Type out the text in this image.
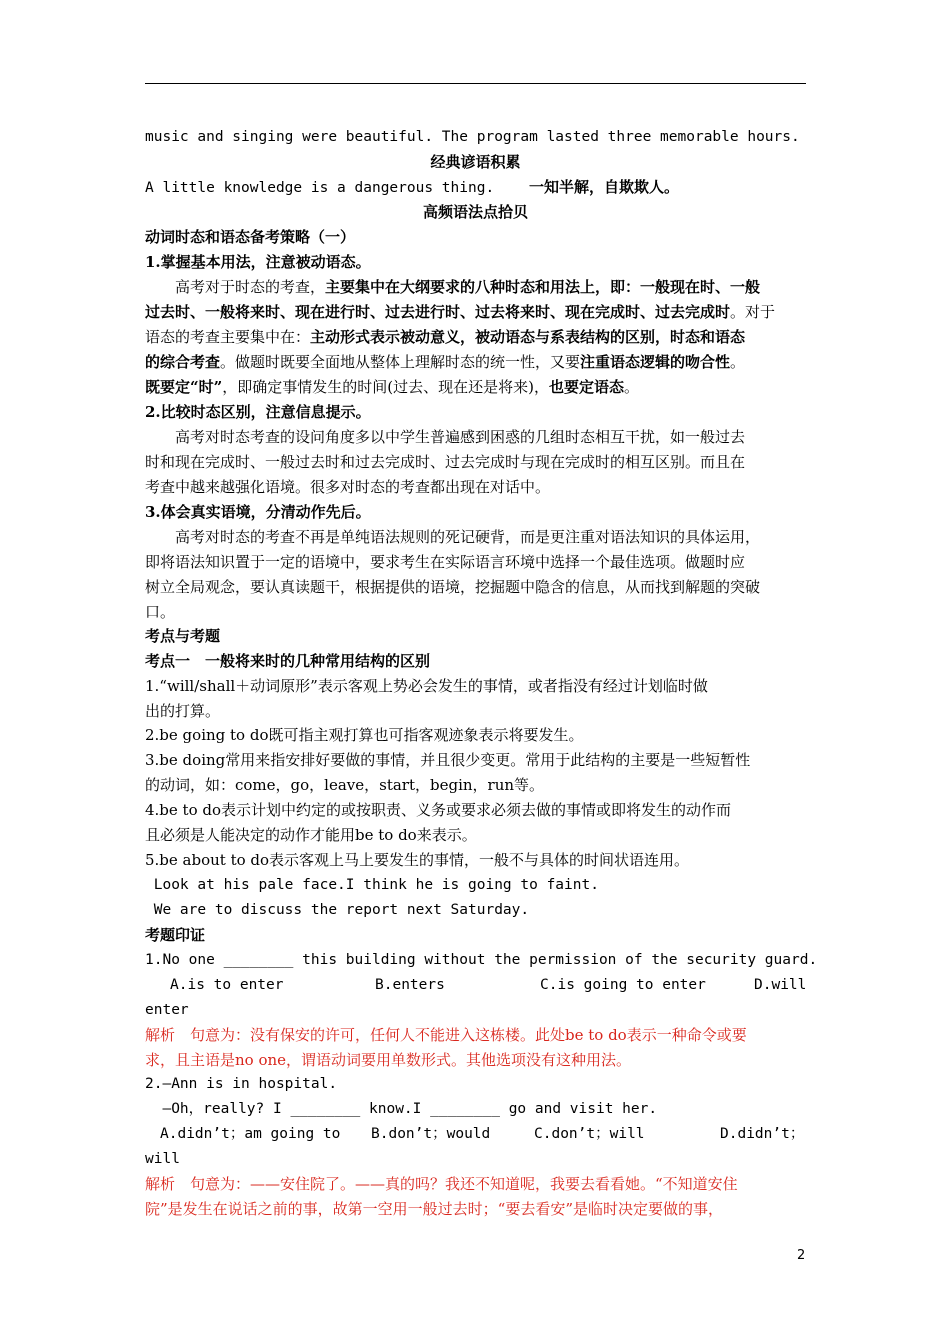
music and singing were beautiful. The program lasted three memorable hours.
经典谚语积累
A little knowledge is a dangerous thing. 一知半解，自欺欺人。
高频语法点拾贝
动词时态和语态备考策略（一）
1.掌握基本用法，注意被动语态。
高考对于时态的考查，主要集中在大纲要求的八种时态和用法上，即：一般现在时、一般
过去时、一般将来时、现在进行时、过去进行时、过去将来时、现在完成时、过去完成时。对于
语态的考查主要集中在：主动形式表示被动意义，被动语态与系表结构的区别，时态和语态
的综合考查。做题时既要全面地从整体上理解时态的统一性，又要注重语态逻辑的吻合性。
既要定“时”，即确定事情发生的时间(过去、现在还是将来)，也要定语态。
2.比较时态区别，注意信息提示。
高考对时态考查的设问角度多以中学生普遍感到困惑的几组时态相互干扰，如一般过去
时和现在完成时、一般过去时和过去完成时、过去完成时与现在完成时的相互区别。而且在
考查中越来越强化语境。很多对时态的考查都出现在对话中。
3.体会真实语境，分清动作先后。
高考对时态的考查不再是单纯语法规则的死记硬背，而是更注重对语法知识的具体运用，
即将语法知识置于一定的语境中，要求考生在实际语言环境中选择一个最佳选项。做题时应
树立全局观念，要认真读题干，根据提供的语境，挖掘题中隐含的信息，从而找到解题的突破
口。
考点与考题
考点一　一般将来时的几种常用结构的区别
1.“will/shall＋动词原形”表示客观上势必会发生的事情，或者指没有经过计划临时做
出的打算。
2.be going to do既可指主观打算也可指客观迹象表示将要发生。
3.be doing常用来指安排好要做的事情，并且很少变更。常用于此结构的主要是一些短暂性
的动词，如：come，go，leave，start，begin，run等。
4.be to do表示计划中约定的或按职责、义务或要求必须去做的事情或即将发生的动作而
且必须是人能决定的动作才能用be to do来表示。
5.be about to do表示客观上马上要发生的事情，一般不与具体的时间状语连用。
Look at his pale face.I think he is going to faint.
We are to discuss the report next Saturday.
考题印证
1.No one ________ this building without the permission of the security guard.
A.is to enter	B.enters	C.is going to enter	D.will
enter
解析　句意为：没有保安的许可，任何人不能进入这栋楼。此处be to do表示一种命令或要
求，且主语是no one，谓语动词要用单数形式。其他选项没有这种用法。
2.—Ann is in hospital.
—Oh，really? I ________ know.I ________ go and visit her.
A.didn’t；am going to B.don’t；would	C.don’t；will	D.didn’t；
will
解析　句意为：——安住院了。——真的吗？我还不知道呢，我要去看看她。“不知道安住
院”是发生在说话之前的事，故第一空用一般过去时；“要去看安”是临时决定要做的事，
2
